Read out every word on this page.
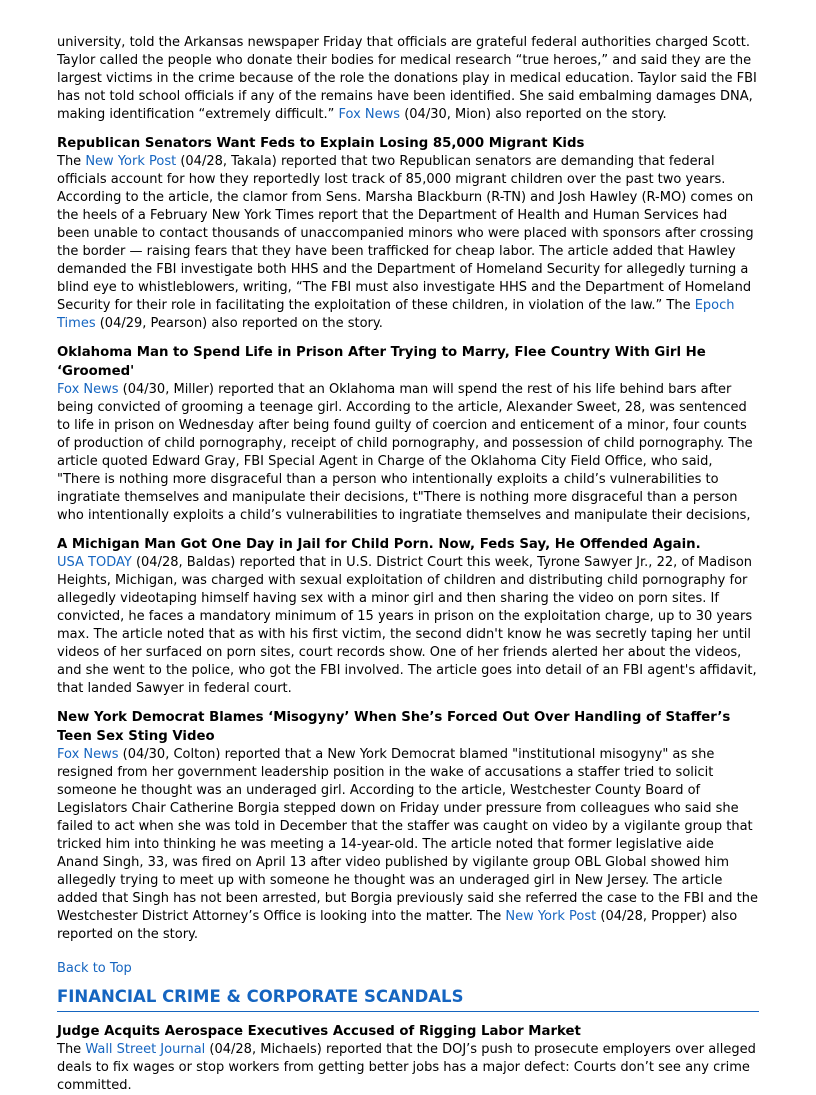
university, told the Arkansas newspaper Friday that officials are grateful federal authorities charged Scott. Taylor called the people who donate their bodies for medical research “true heroes,” and said they are the largest victims in the crime because of the role the donations play in medical education. Taylor said the FBI has not told school officials if any of the remains have been identified. She said embalming damages DNA, making identification “extremely difficult.” Fox News (04/30, Mion) also reported on the story.

Republican Senators Want Feds to Explain Losing 85,000 Migrant Kids

The New York Post (04/28, Takala) reported that two Republican senators are demanding that federal officials account for how they reportedly lost track of 85,000 migrant children over the past two years. According to the article, the clamor from Sens. Marsha Blackburn (R-TN) and Josh Hawley (R-MO) comes on the heels of a February New York Times report that the Department of Health and Human Services had been unable to contact thousands of unaccompanied minors who were placed with sponsors after crossing the border — raising fears that they have been trafficked for cheap labor. The article added that Hawley demanded the FBI investigate both HHS and the Department of Homeland Security for allegedly turning a blind eye to whistleblowers, writing, “The FBI must also investigate HHS and the Department of Homeland Security for their role in facilitating the exploitation of these children, in violation of the law.” The Epoch Times (04/29, Pearson) also reported on the story.

Oklahoma Man to Spend Life in Prison After Trying to Marry, Flee Country With Girl He ‘Groomed'

Fox News (04/30, Miller) reported that an Oklahoma man will spend the rest of his life behind bars after being convicted of grooming a teenage girl. According to the article, Alexander Sweet, 28, was sentenced to life in prison on Wednesday after being found guilty of coercion and enticement of a minor, four counts of production of child pornography, receipt of child pornography, and possession of child pornography. The article quoted Edward Gray, FBI Special Agent in Charge of the Oklahoma City Field Office, who said, "There is nothing more disgraceful than a person who intentionally exploits a child’s vulnerabilities to ingratiate themselves and manipulate their decisions, t"There is nothing more disgraceful than a person who intentionally exploits a child’s vulnerabilities to ingratiate themselves and manipulate their decisions,

A Michigan Man Got One Day in Jail for Child Porn. Now, Feds Say, He Offended Again.

USA TODAY (04/28, Baldas) reported that in U.S. District Court this week, Tyrone Sawyer Jr., 22, of Madison Heights, Michigan, was charged with sexual exploitation of children and distributing child pornography for allegedly videotaping himself having sex with a minor girl and then sharing the video on porn sites. If convicted, he faces a mandatory minimum of 15 years in prison on the exploitation charge, up to 30 years max. The article noted that as with his first victim, the second didn't know he was secretly taping her until videos of her surfaced on porn sites, court records show. One of her friends alerted her about the videos, and she went to the police, who got the FBI involved. The article goes into detail of an FBI agent's affidavit, that landed Sawyer in federal court.

New York Democrat Blames ‘Misogyny’ When She’s Forced Out Over Handling of Staffer’s Teen Sex Sting Video

Fox News (04/30, Colton) reported that a New York Democrat blamed "institutional misogyny" as she resigned from her government leadership position in the wake of accusations a staffer tried to solicit someone he thought was an underaged girl. According to the article, Westchester County Board of Legislators Chair Catherine Borgia stepped down on Friday under pressure from colleagues who said she failed to act when she was told in December that the staffer was caught on video by a vigilante group that tricked him into thinking he was meeting a 14-year-old. The article noted that former legislative aide Anand Singh, 33, was fired on April 13 after video published by vigilante group OBL Global showed him allegedly trying to meet up with someone he thought was an underaged girl in New Jersey. The article added that Singh has not been arrested, but Borgia previously said she referred the case to the FBI and the Westchester District Attorney’s Office is looking into the matter. The New York Post (04/28, Propper) also reported on the story.

Back to Top

FINANCIAL CRIME & CORPORATE SCANDALS

Judge Acquits Aerospace Executives Accused of Rigging Labor Market

The Wall Street Journal (04/28, Michaels) reported that the DOJ’s push to prosecute employers over alleged deals to fix wages or stop workers from getting better jobs has a major defect: Courts don’t see any crime committed.
